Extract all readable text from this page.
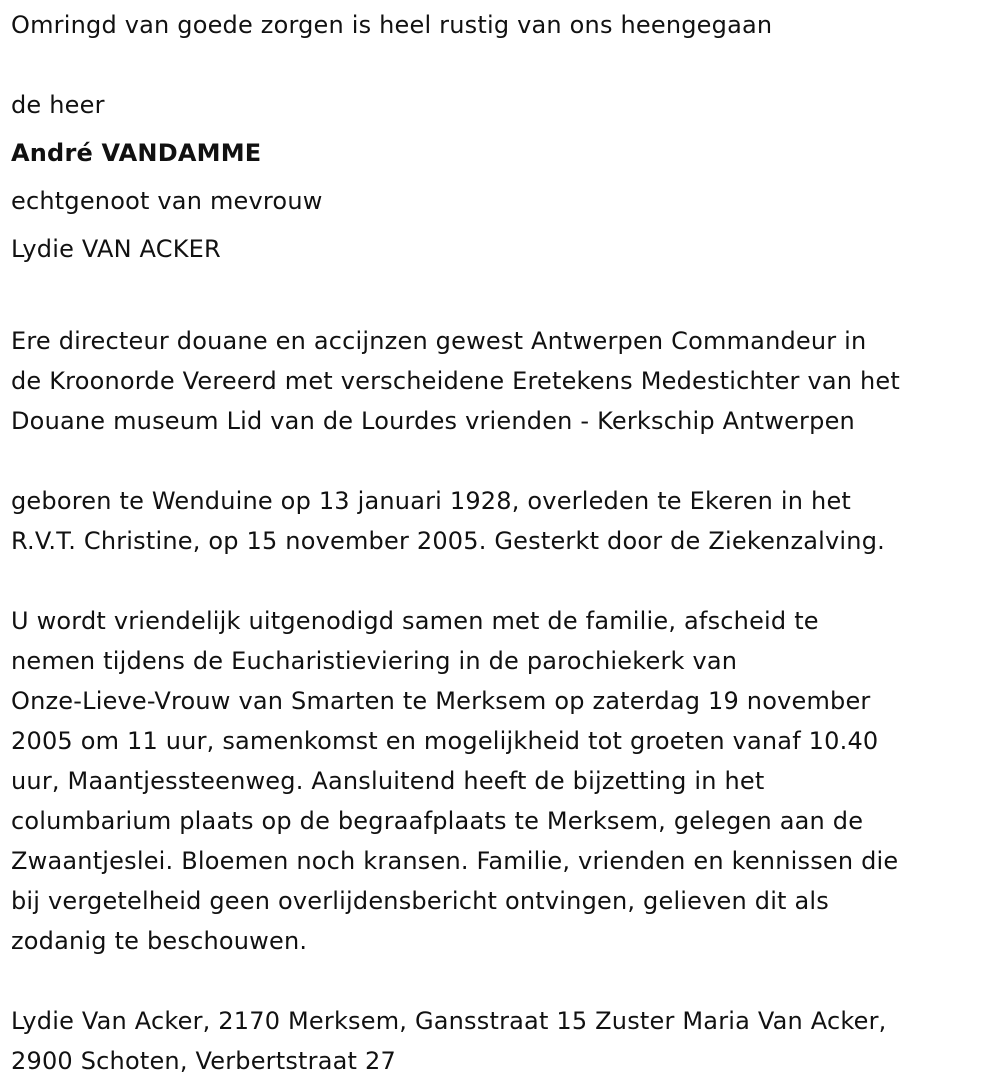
Omringd van goede zorgen is heel rustig van ons heengegaan

de heer

André VANDAMME

echtgenoot van mevrouw

Lydie VAN ACKER

Ere directeur douane en accijnzen gewest Antwerpen Commandeur in

de Kroonorde Vereerd met verscheidene Eretekens Medestichter van het

Douane museum Lid van de Lourdes vrienden - Kerkschip Antwerpen

geboren te Wenduine op 13 januari 1928, overleden te Ekeren in het

R.V.T. Christine, op 15 november 2005. Gesterkt door de Ziekenzalving.

U wordt vriendelijk uitgenodigd samen met de familie, afscheid te

nemen tijdens de Eucharistieviering in de parochiekerk van

Onze-Lieve-Vrouw van Smarten te Merksem op zaterdag 19 november

2005 om 11 uur, samenkomst en mogelijkheid tot groeten vanaf 10.40

uur, Maantjessteenweg. Aansluitend heeft de bijzetting in het

columbarium plaats op de begraafplaats te Merksem, gelegen aan de

Zwaantjeslei. Bloemen noch kransen. Familie, vrienden en kennissen die

bij vergetelheid geen overlijdensbericht ontvingen, gelieven dit als

zodanig te beschouwen.

Lydie Van Acker, 2170 Merksem, Gansstraat 15 Zuster Maria Van Acker,

2900 Schoten, Verbertstraat 27
